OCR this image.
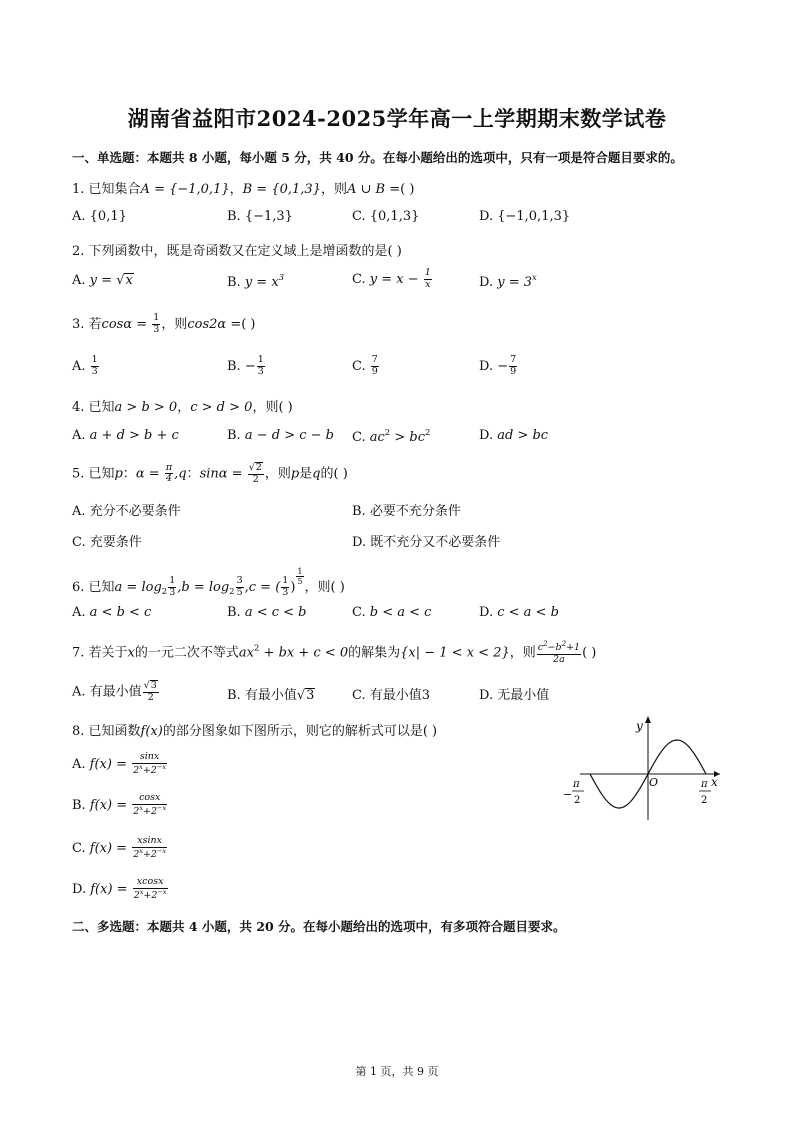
湖南省益阳市2024-2025学年高一上学期期末数学试卷
一、单选题：本题共 8 小题，每小题 5 分，共 40 分。在每小题给出的选项中，只有一项是符合题目要求的。
1. 已知集合A = {−1,0,1}，B = {0,1,3}，则A ∪ B =( )
A. {0,1}	B. {−1,3}	C. {0,1,3}	D. {−1,0,1,3}
2. 下列函数中，既是奇函数又在定义域上是增函数的是( )
A. y = √x	B. $y = x^3$	C. $y = x - \frac{1}{x}$	D. $y = 3^x$
3. 若$\cos\alpha = \frac{1}{3}$ ，则cos2α =( )
A. $\frac{1}{3}$	B. − $\frac{1}{3}$	C. $\frac{7}{9}$	D. − $\frac{7}{9}$
4. 已知a > b > 0，c > d > 0，则( )
A. a + d > b + c	B. a − d > c − b C. $ac^2 > bc^2$	D. ad > bc
5. 已知p：$\alpha = \frac{\pi}{4} ,q$：$\sin\alpha = \frac{√2}{2}$ ，则p是q的( )
A. 充分不必要条件	B. 必要不充分条件
C. 充要条件	D. 既不充分又不必要条件
6. 已知$a = \log_2 \frac{1}{3} ,b = \log_2 \frac{3}{5} ,c$ = ( $\frac{1}{3}$ )
$\frac{1}{5}$
，则( )
A. a < b < c	B. a < c < b	C. b < a < c	D. c < a < b
7. 若关于x的一元二次不等式$ax^2$ + bx + c < 0的解集为{x| − 1 < x < 2}，则 $\frac{c^2-b^2+1}{2a}$ ( )
A. 有最小值 $\frac{√3}{2}$	B. 有最小值√3	C. 有最小值3	D. 无最小值
8. 已知函数f(x)的部分图象如下图所示，则它的解析式可以是( )
A. $f(x) = \frac{\sin x}{2^x+2^{-x}}$
B. $f(x) = \frac{\cos x}{2^x+2^{-x}}$
C. $f(x) = \frac{xsinx}{2^x+2^{-x}}$
D. $f(x) = \frac{xcosx}{2^x+2^{-x}}$
y
x
O
−
π
2
π
2
二、多选题：本题共 4 小题，共 20 分。在每小题给出的选项中，有多项符合题目要求。
第 1 页，共 9 页
